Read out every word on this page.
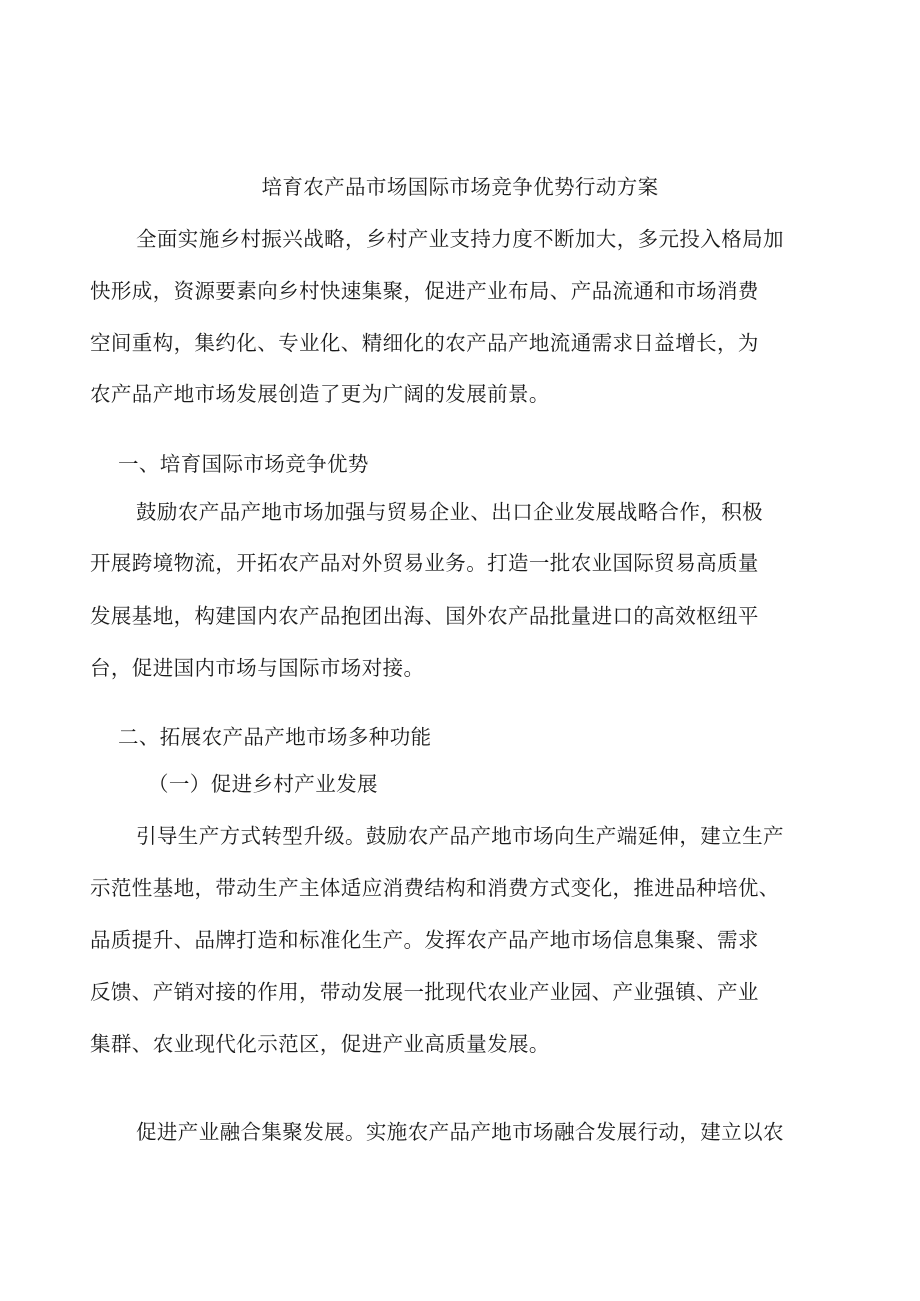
培育农产品市场国际市场竞争优势行动方案
全面实施乡村振兴战略，乡村产业支持力度不断加大，多元投入格局加
快形成，资源要素向乡村快速集聚，促进产业布局、产品流通和市场消费
空间重构，集约化、专业化、精细化的农产品产地流通需求日益增长，为
农产品产地市场发展创造了更为广阔的发展前景。
一、培育国际市场竞争优势
鼓励农产品产地市场加强与贸易企业、出口企业发展战略合作，积极
开展跨境物流，开拓农产品对外贸易业务。打造一批农业国际贸易高质量
发展基地，构建国内农产品抱团出海、国外农产品批量进口的高效枢纽平
台，促进国内市场与国际市场对接。
二、拓展农产品产地市场多种功能
（一）促进乡村产业发展
引导生产方式转型升级。鼓励农产品产地市场向生产端延伸，建立生产
示范性基地，带动生产主体适应消费结构和消费方式变化，推进品种培优、
品质提升、品牌打造和标准化生产。发挥农产品产地市场信息集聚、需求
反馈、产销对接的作用，带动发展一批现代农业产业园、产业强镇、产业
集群、农业现代化示范区，促进产业高质量发展。
促进产业融合集聚发展。实施农产品产地市场融合发展行动，建立以农
